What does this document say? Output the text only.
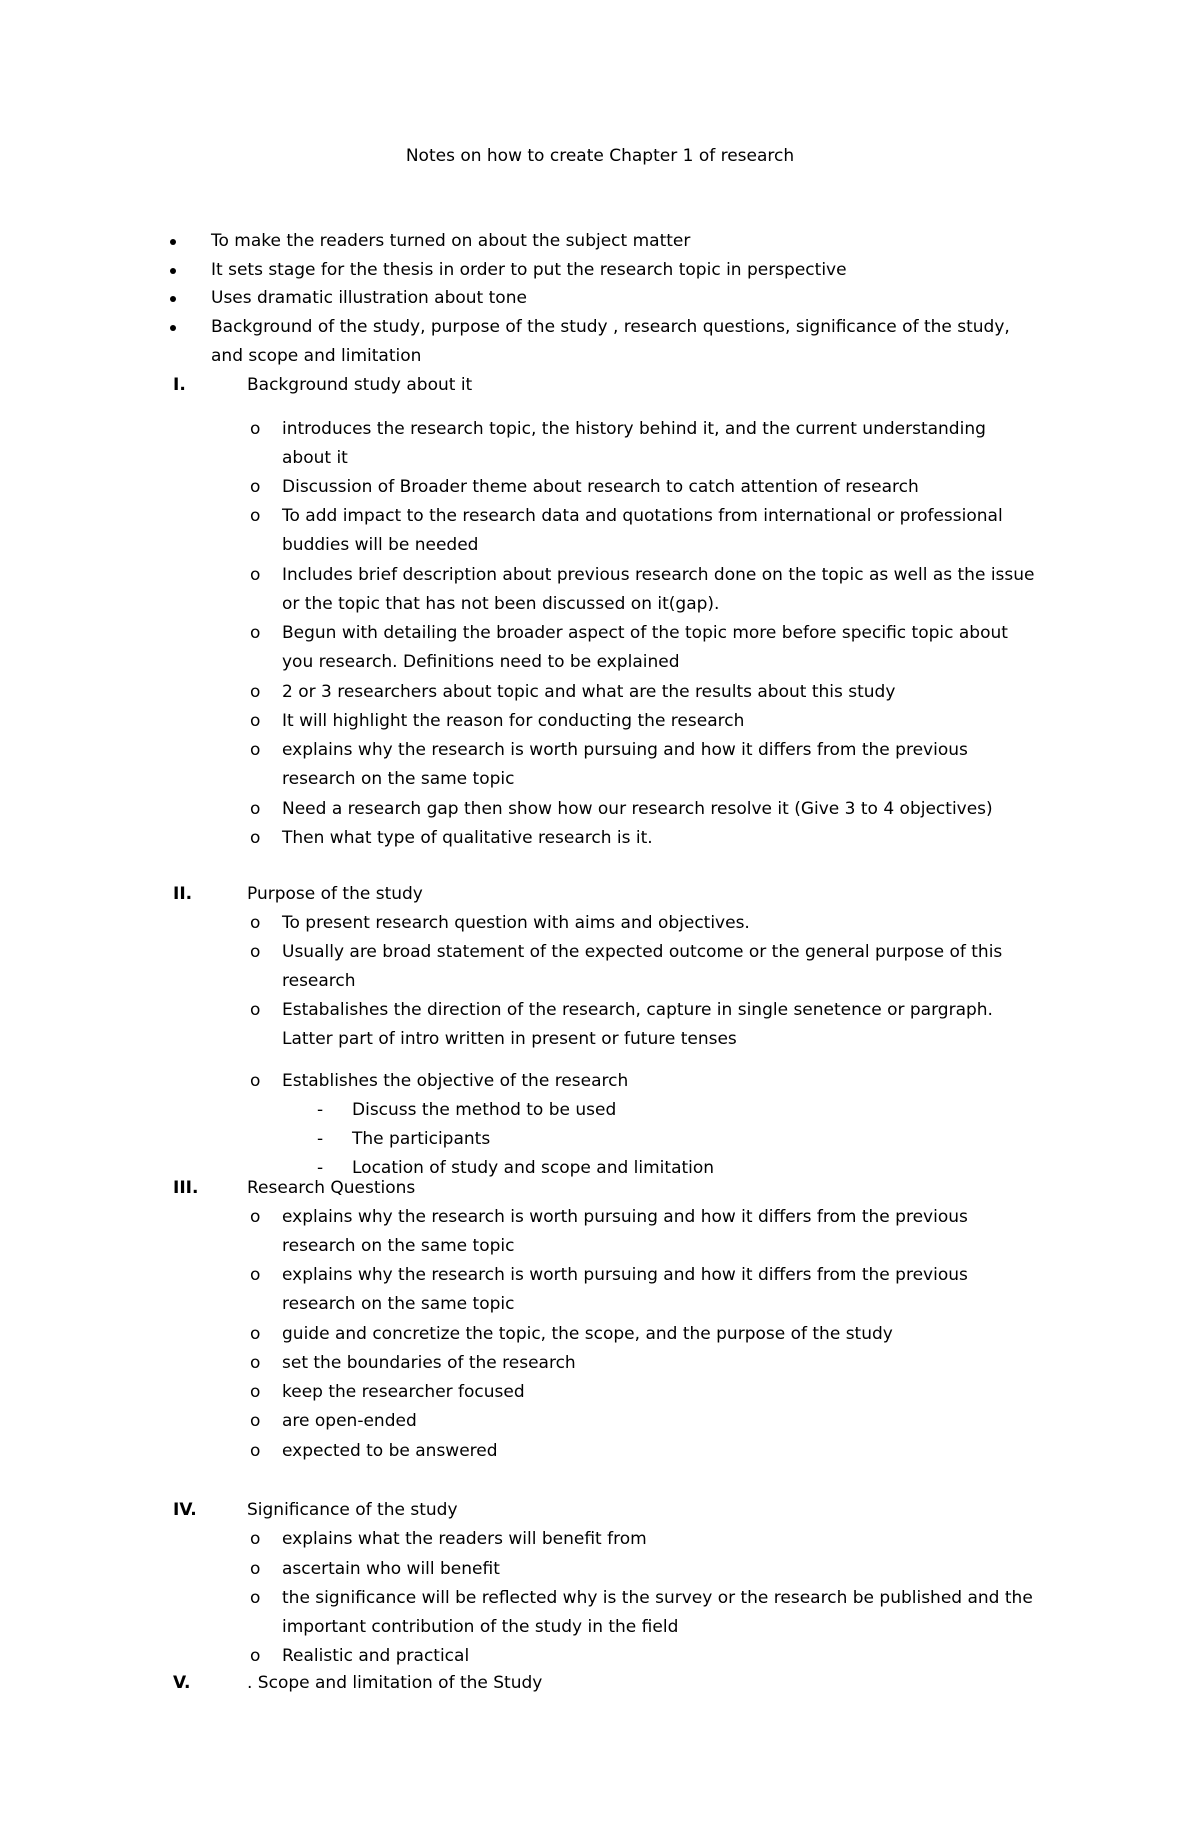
Notes on how to create Chapter 1 of research
To make the readers turned on about the subject matter
It sets stage for the thesis in order to put the research topic in perspective
Uses dramatic illustration about tone
Background of the study, purpose of the study , research questions, significance of the study,
and scope and limitation
I.	Background study about it
o introduces the research topic, the history behind it, and the current understanding
about it
o Discussion of Broader theme about research to catch attention of research
o To add impact to the research data and quotations from international or professional
buddies will be needed
o Includes brief description about previous research done on the topic as well as the issue
or the topic that has not been discussed on it(gap).
o Begun with detailing the broader aspect of the topic more before specific topic about
you research. Definitions need to be explained
o 2 or 3 researchers about topic and what are the results about this study
o It will highlight the reason for conducting the research
o explains why the research is worth pursuing and how it differs from the previous
research on the same topic
o Need a research gap then show how our research resolve it (Give 3 to 4 objectives)
o Then what type of qualitative research is it.
II.	Purpose of the study
o To present research question with aims and objectives.
o Usually are broad statement of the expected outcome or the general purpose of this
research
o Estabalishes the direction of the research, capture in single senetence or pargraph.
Latter part of intro written in present or future tenses
o Establishes the objective of the research
- Discuss the method to be used
- The participants
- Location of study and scope and limitation
III.	Research Questions
o explains why the research is worth pursuing and how it differs from the previous
research on the same topic
o explains why the research is worth pursuing and how it differs from the previous
research on the same topic
o guide and concretize the topic, the scope, and the purpose of the study
o set the boundaries of the research
o keep the researcher focused
o are open-ended
o expected to be answered
IV.	Significance of the study
o explains what the readers will benefit from
o ascertain who will benefit
o the significance will be reflected why is the survey or the research be published and the
important contribution of the study in the field
o Realistic and practical
V.	. Scope and limitation of the Study
